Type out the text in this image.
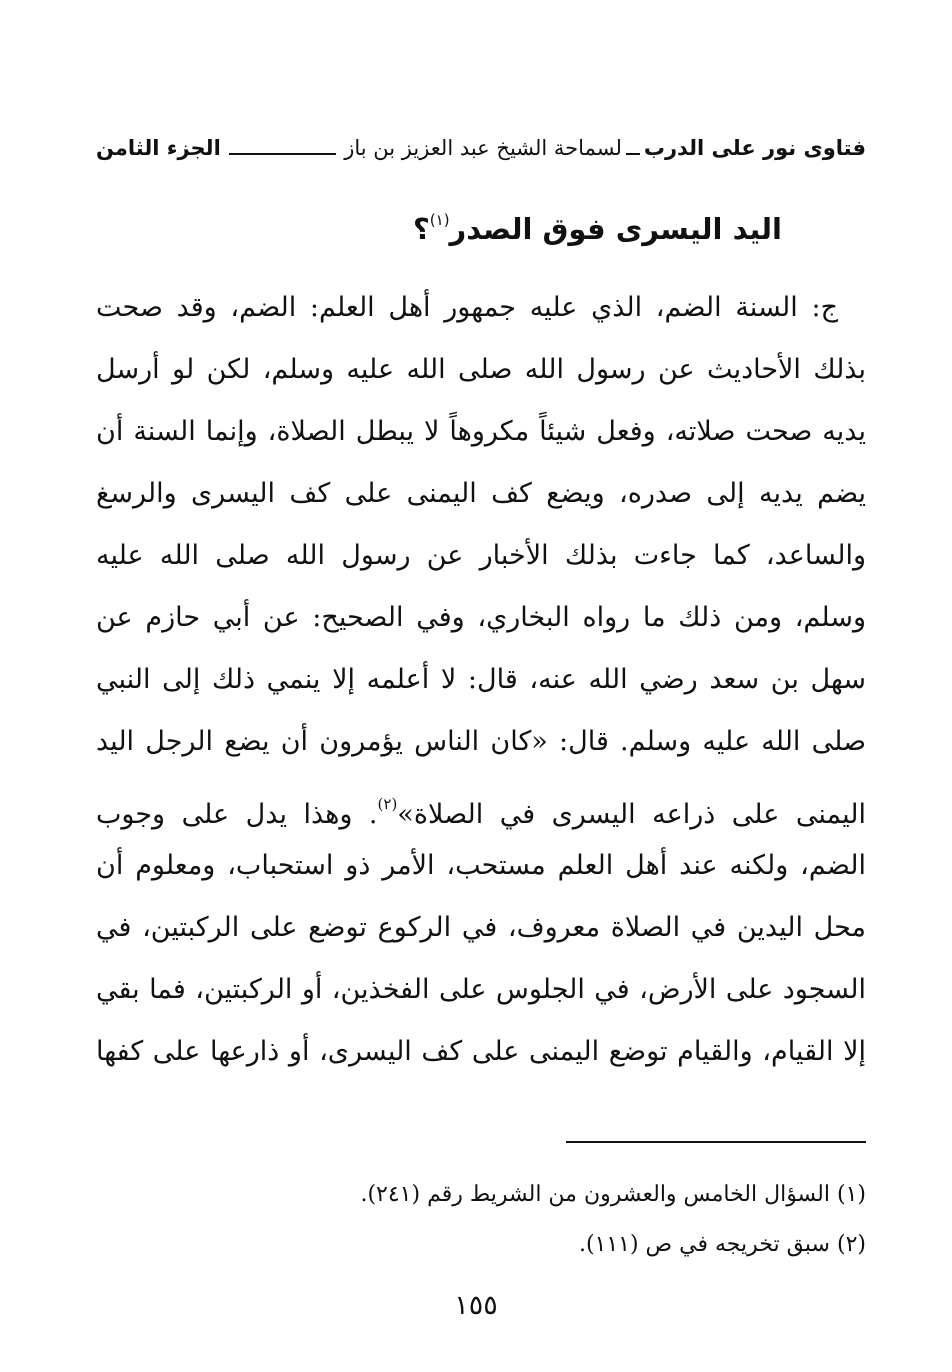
فتاوى نور على الدرب
لسماحة الشيخ عبد العزيز بن باز
الجزء الثامن
اليد اليسرى فوق الصدر$^{(١)}$؟
ج: السنة الضم، الذي عليه جمهور أهل العلم: الضم، وقد صحت
بذلك الأحاديث عن رسول الله صلى الله عليه وسلم، لكن لو أرسل
يديه صحت صلاته، وفعل شيئاً مكروهاً لا يبطل الصلاة، وإنما السنة أن
يضم يديه إلى صدره، ويضع كف اليمنى على كف اليسرى والرسغ
والساعد، كما جاءت بذلك الأخبار عن رسول الله صلى الله عليه
وسلم، ومن ذلك ما رواه البخاري، وفي الصحيح: عن أبي حازم عن
سهل بن سعد رضي الله عنه، قال: لا أعلمه إلا ينمي ذلك إلى النبي
صلى الله عليه وسلم. قال: «كان الناس يؤمرون أن يضع الرجل اليد
اليمنى على ذراعه اليسرى في الصلاة»$^{(٢)}$. وهذا يدل على وجوب
الضم، ولكنه عند أهل العلم مستحب، الأمر ذو استحباب، ومعلوم أن
محل اليدين في الصلاة معروف، في الركوع توضع على الركبتين، في
السجود على الأرض، في الجلوس على الفخذين، أو الركبتين، فما بقي
إلا القيام، والقيام توضع اليمنى على كف اليسرى، أو ذارعها على كفها
(١) السؤال الخامس والعشرون من الشريط رقم (٢٤١).
(٢) سبق تخريجه في ص (١١١).
١٥٥
